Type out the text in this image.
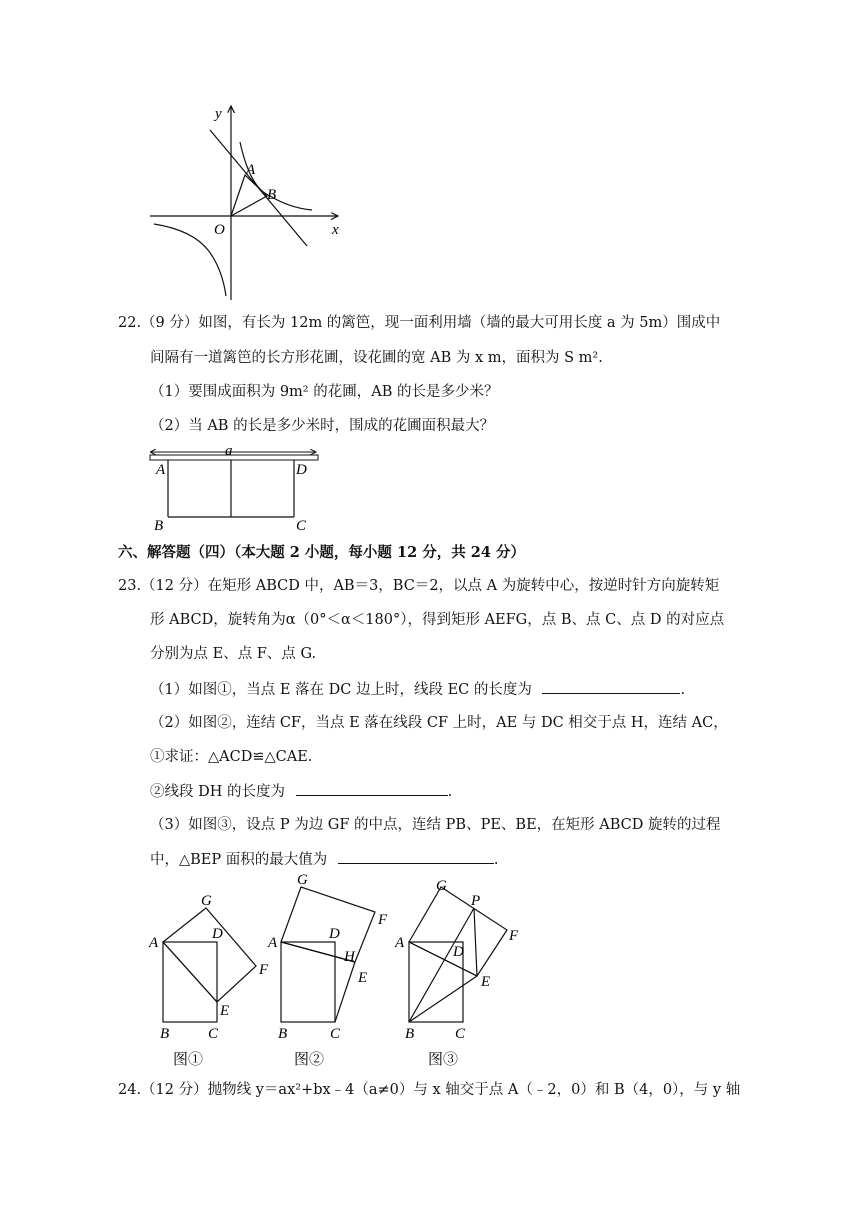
y
x
O
A
B
22.（9 分）如图，有长为 12m 的篱笆，现一面利用墙（墙的最大可用长度 a 为 5m）围成中
间隔有一道篱笆的长方形花圃，设花圃的宽 AB 为 x m，面积为 S m².
（1）要围成面积为 9m² 的花圃，AB 的长是多少米？
（2）当 AB 的长是多少米时，围成的花圃面积最大？
a
A	D
B	C
六、解答题（四）（本大题 2 小题，每小题 12 分，共 24 分）
23.（12 分）在矩形 ABCD 中，AB＝3，BC＝2，以点 A 为旋转中心，按逆时针方向旋转矩
形 ABCD，旋转角为α（0°＜α＜180°），得到矩形 AEFG，点 B、点 C、点 D 的对应点
分别为点 E、点 F、点 G.
（1）如图①，当点 E 落在 DC 边上时，线段 EC 的长度为	.
（2）如图②，连结 CF，当点 E 落在线段 CF 上时，AE 与 DC 相交于点 H，连结 AC，
①求证：△ACD≌△CAE.
②线段 DH 的长度为	.
（3）如图③，设点 P 为边 GF 的中点，连结 PB、PE、BE，在矩形 ABCD 旋转的过程
中，△BEP 面积的最大值为	.
A
G
D
F
E
B	C
图①
A
G
D
F
H
E
B	C
图②
A
G
P
D
F
E
B	C
图③
24.（12 分）抛物线 y＝ax²+bx﹣4（a≠0）与 x 轴交于点 A（﹣2，0）和 B（4，0），与 y 轴
